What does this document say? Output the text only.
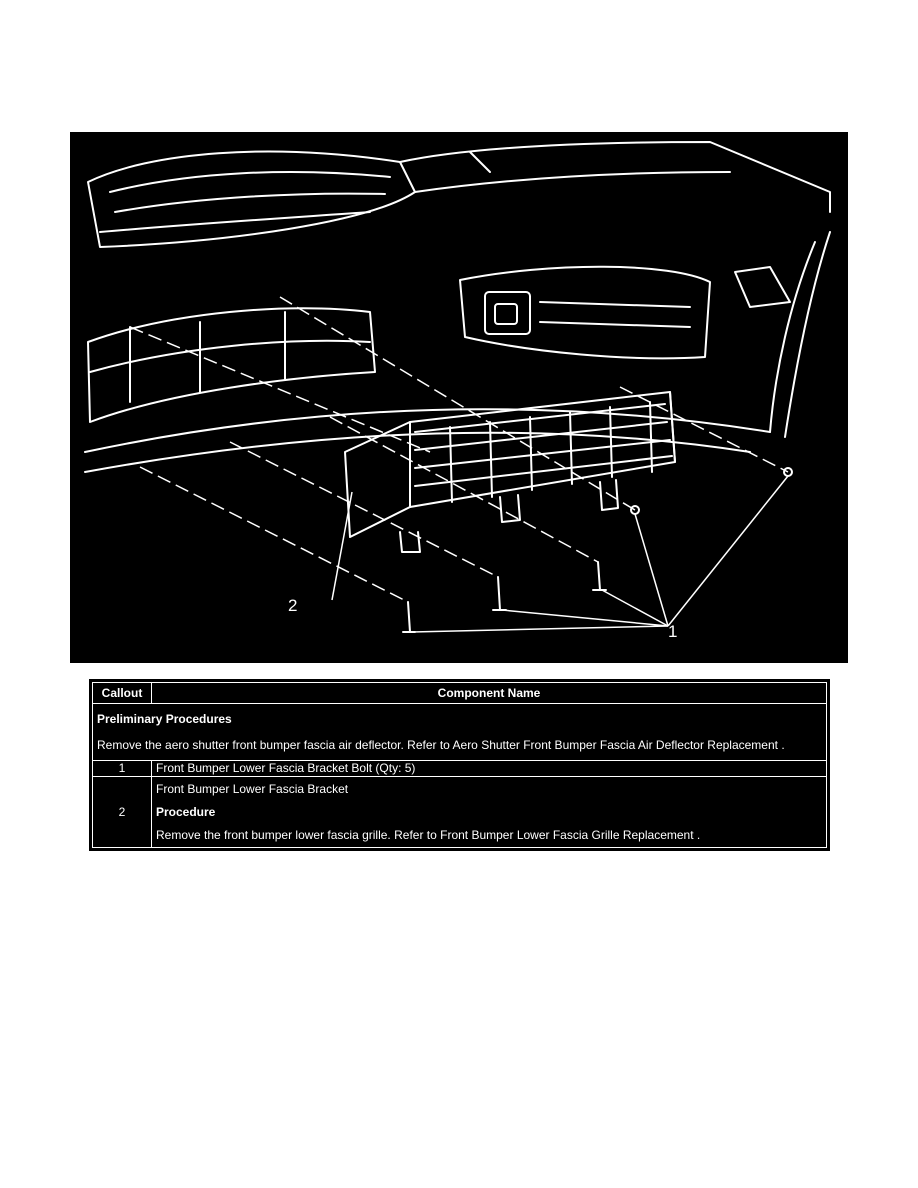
2
1
Callout	Component Name

Preliminary Procedures
Remove the aero shutter front bumper fascia air deflector. Refer to Aero Shutter Front Bumper Fascia Air Deflector Replacement .	

1	Front Bumper Lower Fascia Bracket Bolt (Qty: 5)
2	Front Bumper Lower Fascia Bracket
Procedure
Remove the front bumper lower fascia grille. Refer to Front Bumper Lower Fascia Grille Replacement .
